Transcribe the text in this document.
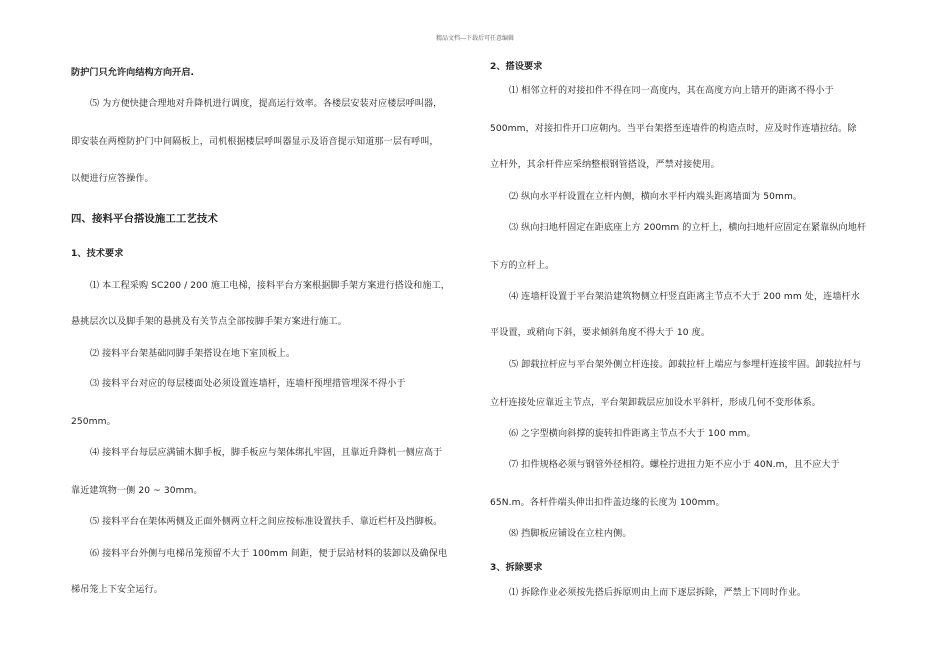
精品文档---下载后可任意编辑
防护门只允许向结构方向开启.
⑸ 为方便快捷合理地对升降机进行调度，提高运行效率。各楼层安装对应楼层呼叫器，
即安装在两樘防护门中间隔板上，司机根据楼层呼叫器显示及语音提示知道那一层有呼叫，
以便进行应答操作。
四、接料平台搭设施工工艺技术
1、技术要求
⑴ 本工程采购 SC200 / 200 施工电梯，接料平台方案根据脚手架方案进行搭设和施工，
悬挑层次以及脚手架的悬挑及有关节点全部按脚手架方案进行施工。
⑵ 接料平台架基础同脚手架搭设在地下室顶板上。
⑶ 接料平台对应的每层楼面处必须设置连墙杆，连墙杆预埋措管埋深不得小于
250mm。
⑷ 接料平台每层应满铺木脚手板，脚手板应与架体绑扎牢固，且靠近升降机一侧应高于
靠近建筑物一侧 20 ~ 30mm。
⑸ 接料平台在架体两侧及正面外侧两立杆之间应按标准设置扶手、靠近栏杆及挡脚板。
⑹ 接料平台外侧与电梯吊笼预留不大于 100mm 间距，便于层站材料的装卸以及确保电
梯吊笼上下安全运行。
2、搭设要求
⑴ 相邻立杆的对接扣件不得在同一高度内，其在高度方向上错开的距离不得小于
500mm，对接扣件开口应朝内。当平台架搭至连墙件的构造点时，应及时作连墙拉结。除
立杆外，其余杆件应采纳整根钢管搭设，严禁对接使用。
⑵ 纵向水平杆设置在立杆内侧，横向水平杆内端头距离墙面为 50mm。
⑶ 纵向扫地杆固定在距底座上方 200mm 的立杆上，横向扫地杆应固定在紧靠纵向地杆
下方的立杆上。
⑷ 连墙杆设置于平台架沿建筑物侧立杆竖直距离主节点不大于 200 mm 处，连墙杆水
平设置，或稍向下斜，要求倾斜角度不得大于 10 度。
⑸ 卸载拉杆应与平台架外侧立杆连接。卸载拉杆上端应与参埋杆连接牢固。卸载拉杆与
立杆连接处应靠近主节点，平台架卸载层应加设水平斜杆，形成几何不变形体系。
⑹ 之字型横向斜撑的旋转扣件距离主节点不大于 100 mm。
⑺ 扣件规格必须与钢管外径相符。螺栓拧进扭力矩不应小于 40N.m，且不应大于
65N.m。各杆件端头伸出扣件盖边缘的长度为 100mm。
⑻ 挡脚板应铺设在立柱内侧。
3、拆除要求
⑴ 拆除作业必须按先搭后拆原则由上而下逐层拆除，严禁上下同时作业。
